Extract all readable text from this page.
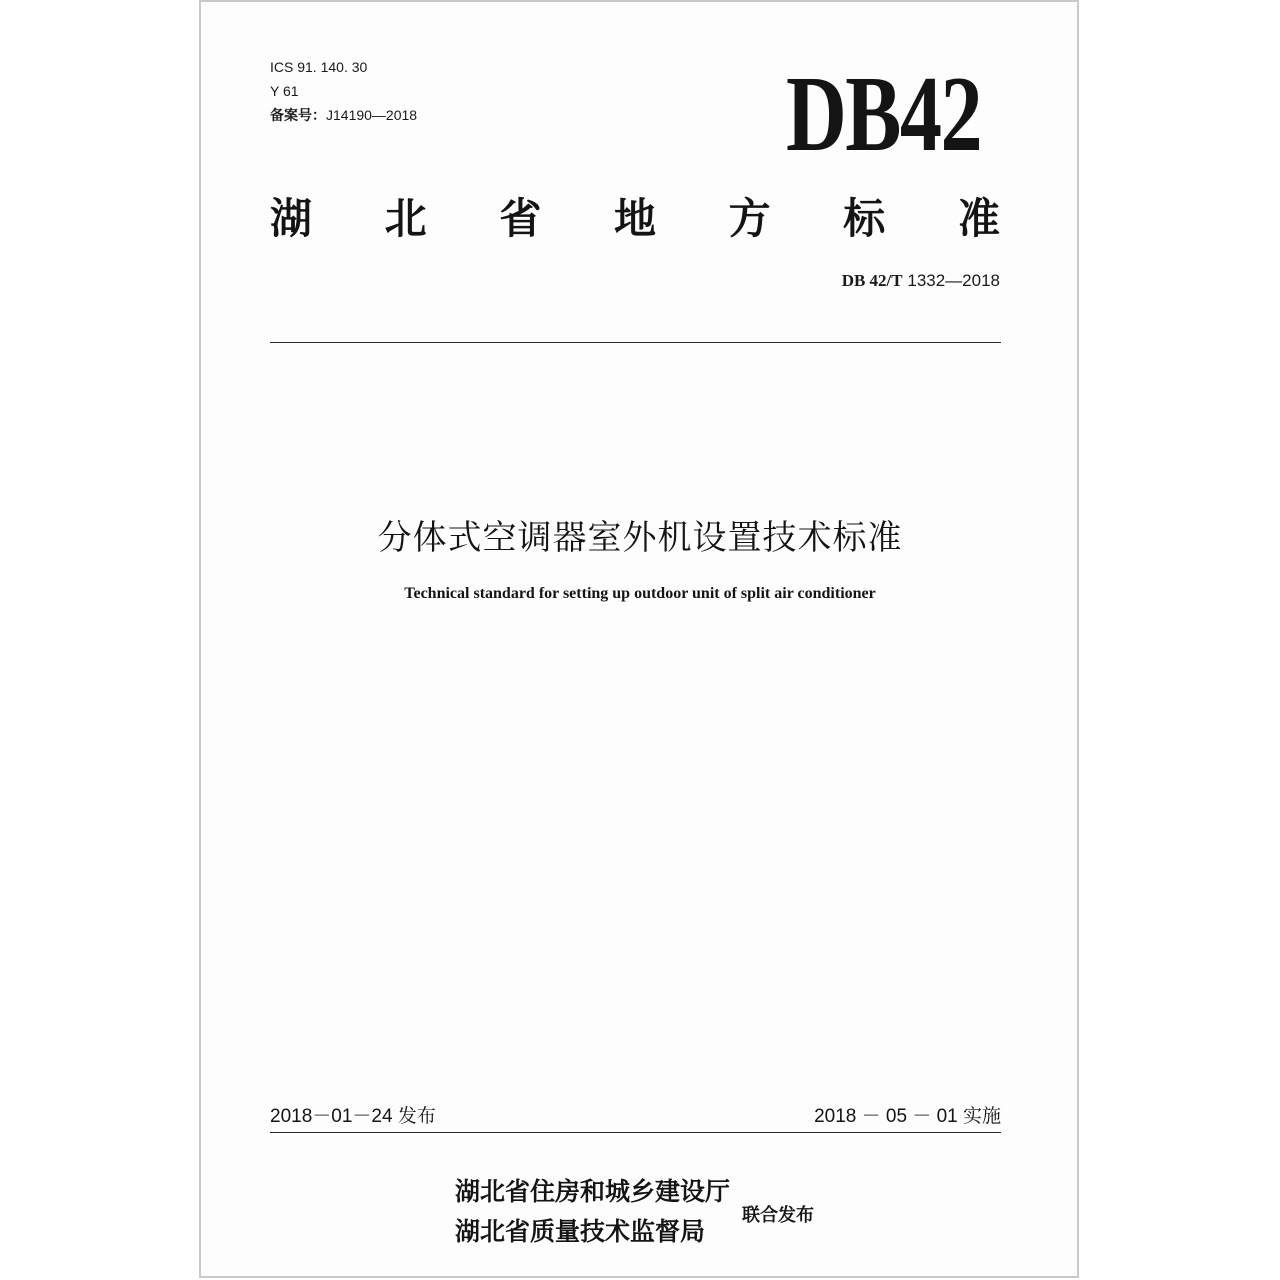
ICS 91. 140. 30
Y 61
备案号：J14190—2018	DB42
湖 北 省 地 方 标 准
DB 42/T 1332—2018
分体式空调器室外机设置技术标准
Technical standard for setting up outdoor unit of split air conditioner
2018－01－24 发布	2018 － 05 － 01 实施
湖北省住房和城乡建设厅
湖北省质量技术监督局
联合发布
